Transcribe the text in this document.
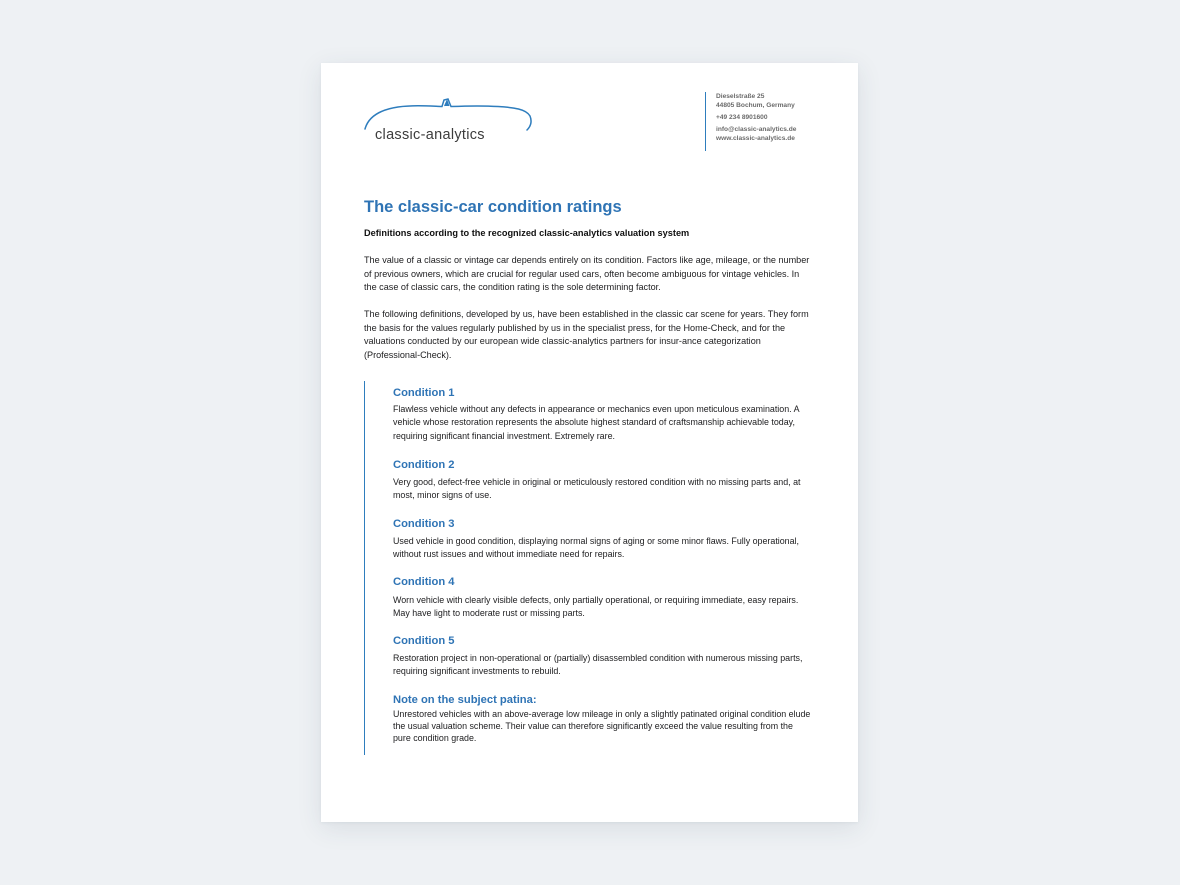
classic-analytics
Dieselstraße 25
44805 Bochum, Germany
+49 234 8901600
info@classic-analytics.de
www.classic-analytics.de
The classic-car condition ratings
Definitions according to the recognized classic-analytics valuation system

The value of a classic or vintage car depends entirely on its condition. Factors like age, mileage, or the number of previous owners, which are crucial for regular used cars, often become ambiguous for vintage vehicles. In the case of classic cars, the condition rating is the sole determining factor.

The following definitions, developed by us, have been established in the classic car scene for years. They form the basis for the values regularly published by us in the specialist press, for the Home-Check, and for the valuations conducted by our european wide classic-analytics partners for insur-ance categorization (Professional-Check).

Condition 1

Flawless vehicle without any defects in appearance or mechanics even upon meticulous examination. A vehicle whose restoration represents the absolute highest standard of craftsmanship achievable today, requiring significant financial investment. Extremely rare.

Condition 2

Very good, defect-free vehicle in original or meticulously restored condition with no missing parts and, at most, minor signs of use.

Condition 3

Used vehicle in good condition, displaying normal signs of aging or some minor flaws. Fully operational, without rust issues and without immediate need for repairs.

Condition 4

Worn vehicle with clearly visible defects, only partially operational, or requiring immediate, easy repairs. May have light to moderate rust or missing parts.

Condition 5

Restoration project in non-operational or (partially) disassembled condition with numerous missing parts, requiring significant investments to rebuild.

Note on the subject patina:

Unrestored vehicles with an above-average low mileage in only a slightly patinated original condition elude the usual valuation scheme. Their value can therefore significantly exceed the value resulting from the pure condition grade.
